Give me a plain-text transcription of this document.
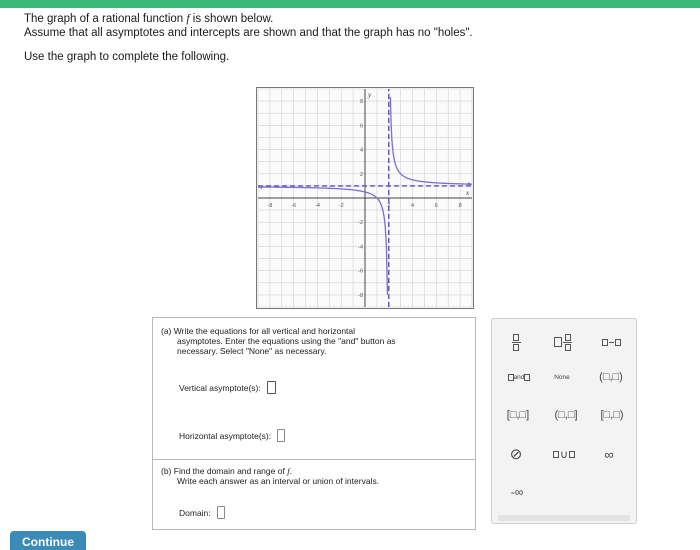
The graph of a rational function f is shown below.
Assume that all asymptotes and intercepts are shown and that the graph has no "holes".
Use the graph to complete the following.
x
y
-8	-6	-4	-2	2	4	6	8
8
6
4
2
-2
-4
-6
-8
(a) Write the equations for all vertical and horizontal
asymptotes. Enter the equations using the "and" button as
necessary. Select "None" as necessary.
Vertical asymptote(s):
Horizontal asymptote(s):
(b) Find the domain and range of f.
Write each answer as an interval or union of intervals.
Domain:
and	None	(□,□)
[□,□]	(□,□]	[□,□)
⊘	∪	∞
-∞
Continue
